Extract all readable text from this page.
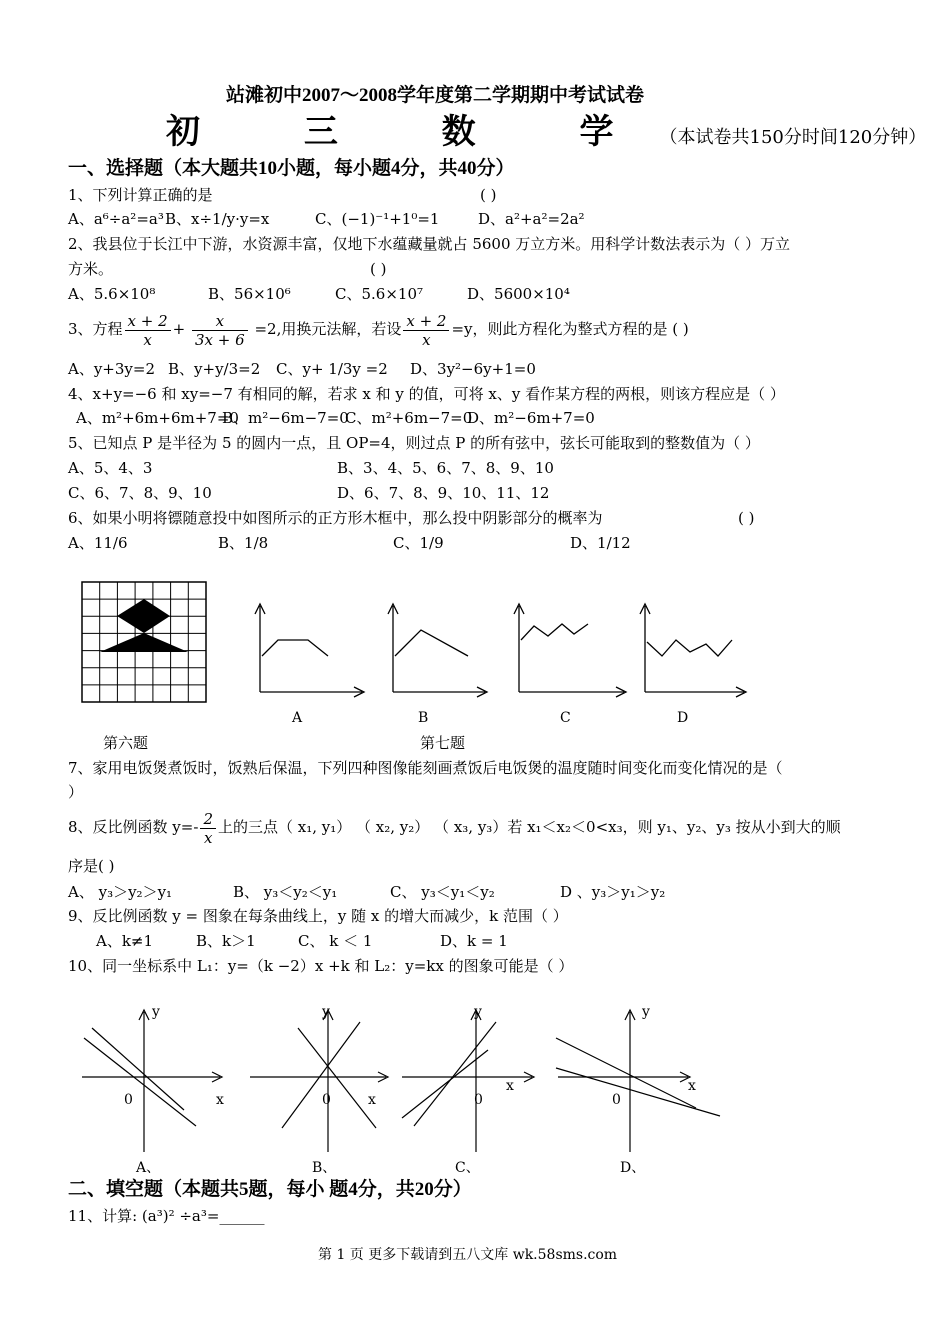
站滩初中2007～2008学年度第二学期期中考试试卷
初 三 数 学（本试卷共150分时间120分钟）
一、选择题（本大题共10小题，每小题4分，共40分）
1、下列计算正确的是	( )
A、a⁶÷a²=a³ B、x÷1/y·y=x	C、(−1)⁻¹+1⁰=1	D、a²+a²=2a²
2、我县位于长江中下游，水资源丰富，仅地下水蕴藏量就占 5600 万立方米。用科学计数法表示为（ ）万立
方米。	( )
A、5.6×10⁸	B、56×10⁶	C、5.6×10⁷	D、5600×10⁴
3、方程 $\frac{x + 2}{x} + \frac{x}{3x + 6} =2$,用换元法解，若设 $\frac{x + 2}{x} =y$，则此方程化为整式方程的是 ( )
A、y+3y=2 B、y+y/3=2 C、y+ 1/3y =2 D、3y²−6y+1=0
4、x+y=−6 和 xy=−7 有相同的解，若求 x 和 y 的值，可将 x、y 看作某方程的两根，则该方程应是（ ）
A、m²+6m+6m+7=0
B、m²−6m−7=0
C、m²+6m−7=0
D、m²−6m+7=0
5、已知点 P 是半径为 5 的圆内一点，且 OP=4，则过点 P 的所有弦中，弦长可能取到的整数值为（ ）
A、5、4、3	B、3、4、5、6、7、8、9、10
C、6、7、8、9、10	D、6、7、8、9、10、11、12
6、如果小明将镖随意投中如图所示的正方形木框中，那么投中阴影部分的概率为	( )
A、11/6	B、1/8	C、1/9	D、1/12
A	B	C	D
第六题	第七题
7、家用电饭煲煮饭时，饭熟后保温，下列四种图像能刻画煮饭后电饭煲的温度随时间变化而变化情况的是（
）
8、反比例函数 $y=- \frac{2}{x}$ 上的三点（ x₁, y₁） （ x₂, y₂） （ x₃, y₃）若 x₁＜x₂＜0<x₃，则 y₁、y₂、y₃ 按从小到大的顺
序是( )
A、 y₃＞y₂＞y₁	B、 y₃＜y₂＜y₁	C、 y₃＜y₁＜y₂	D 、y₃＞y₁＞y₂
9、反比例函数 y = 图象在每条曲线上，y 随 x 的增大而减少，k 范围（ ）
A、k≠1	B、k＞1	C、 k ＜ 1	D、k = 1
10、同一坐标系中 L₁：y=（k −2）x +k 和 L₂：y=kx 的图象可能是（ ）
y
x
0
y
x
0
y
x
0
y
x
0
A、	B、	C、	D、
二、填空题（本题共5题，每小 题4分，共20分）
11、计算: (a³)² ÷a³=______
第 1 页 更多下载请到五八文库 wk.58sms.com
